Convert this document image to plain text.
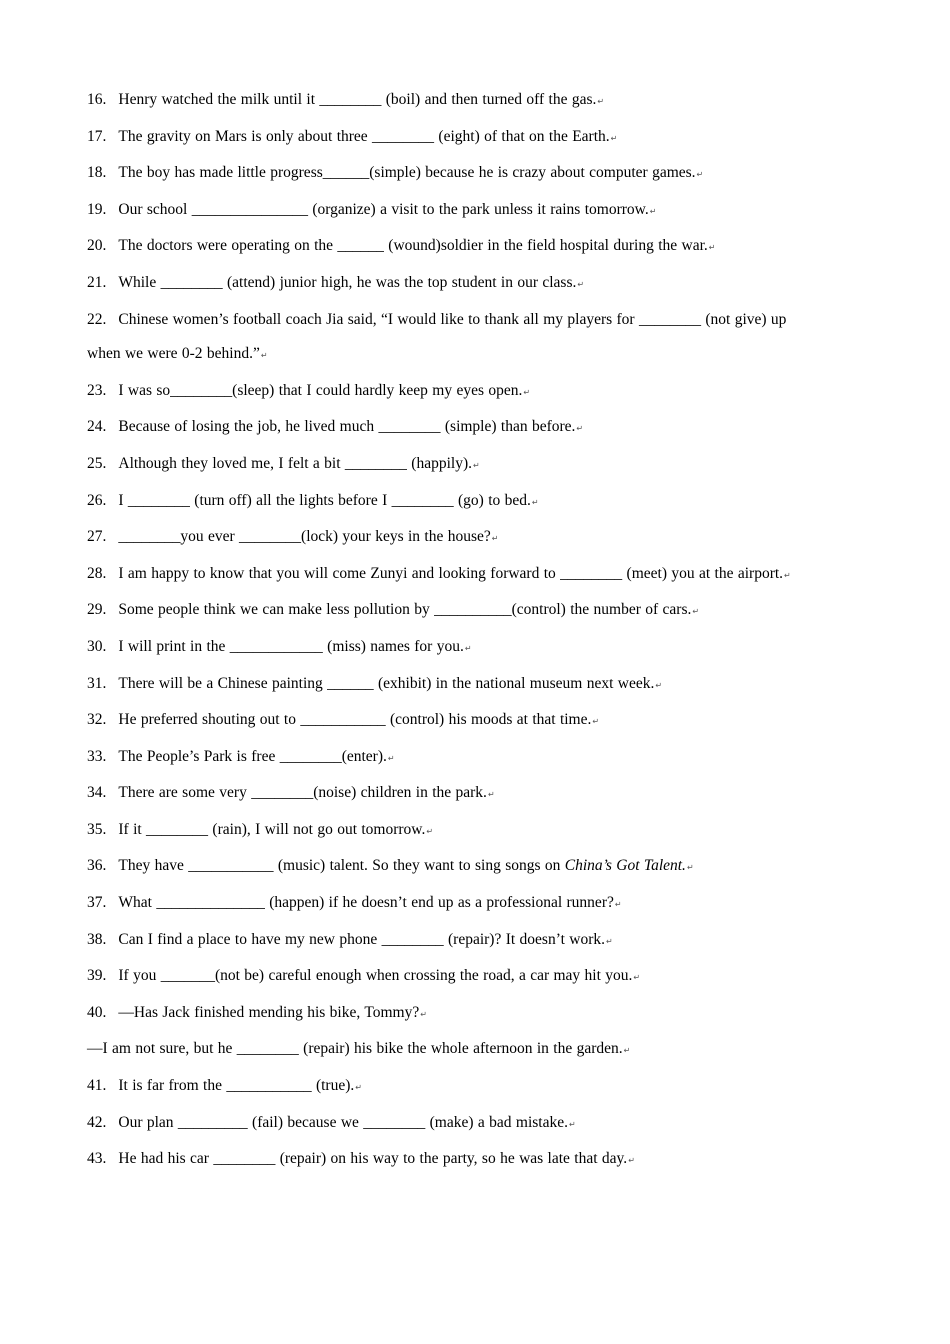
16. Henry watched the milk until it ________ (boil) and then turned off the gas.↵

17. The gravity on Mars is only about three ________ (eight) of that on the Earth.↵

18. The boy has made little progress______(simple) because he is crazy about computer games.↵

19. Our school _______________ (organize) a visit to the park unless it rains tomorrow.↵

20. The doctors were operating on the ______ (wound)soldier in the field hospital during the war.↵

21. While ________ (attend) junior high, he was the top student in our class.↵

22. Chinese women’s football coach Jia said, “I would like to thank all my players for ________ (not give) up
when we were 0-2 behind.”↵

23. I was so________(sleep) that I could hardly keep my eyes open.↵

24. Because of losing the job, he lived much ________ (simple) than before.↵

25. Although they loved me, I felt a bit ________ (happily).↵

26. I ________ (turn off) all the lights before I ________ (go) to bed.↵

27. ________you ever ________(lock) your keys in the house?↵

28. I am happy to know that you will come Zunyi and looking forward to ________ (meet) you at the airport.↵

29. Some people think we can make less pollution by __________(control) the number of cars.↵

30. I will print in the ____________ (miss) names for you.↵

31. There will be a Chinese painting ______ (exhibit) in the national museum next week.↵

32. He preferred shouting out to ___________ (control) his moods at that time.↵

33. The People’s Park is free ________(enter).↵

34. There are some very ________(noise) children in the park.↵

35. If it ________ (rain), I will not go out tomorrow.↵

36. They have ___________ (music) talent. So they want to sing songs on China’s Got Talent.↵

37. What ______________ (happen) if he doesn’t end up as a professional runner?↵

38. Can I find a place to have my new phone ________ (repair)? It doesn’t work.↵

39. If you _______(not be) careful enough when crossing the road, a car may hit you.↵

40. —Has Jack finished mending his bike, Tommy?↵

—I am not sure, but he ________ (repair) his bike the whole afternoon in the garden.↵

41. It is far from the ___________ (true).↵

42. Our plan _________ (fail) because we ________ (make) a bad mistake.↵

43. He had his car ________ (repair) on his way to the party, so he was late that day.↵
